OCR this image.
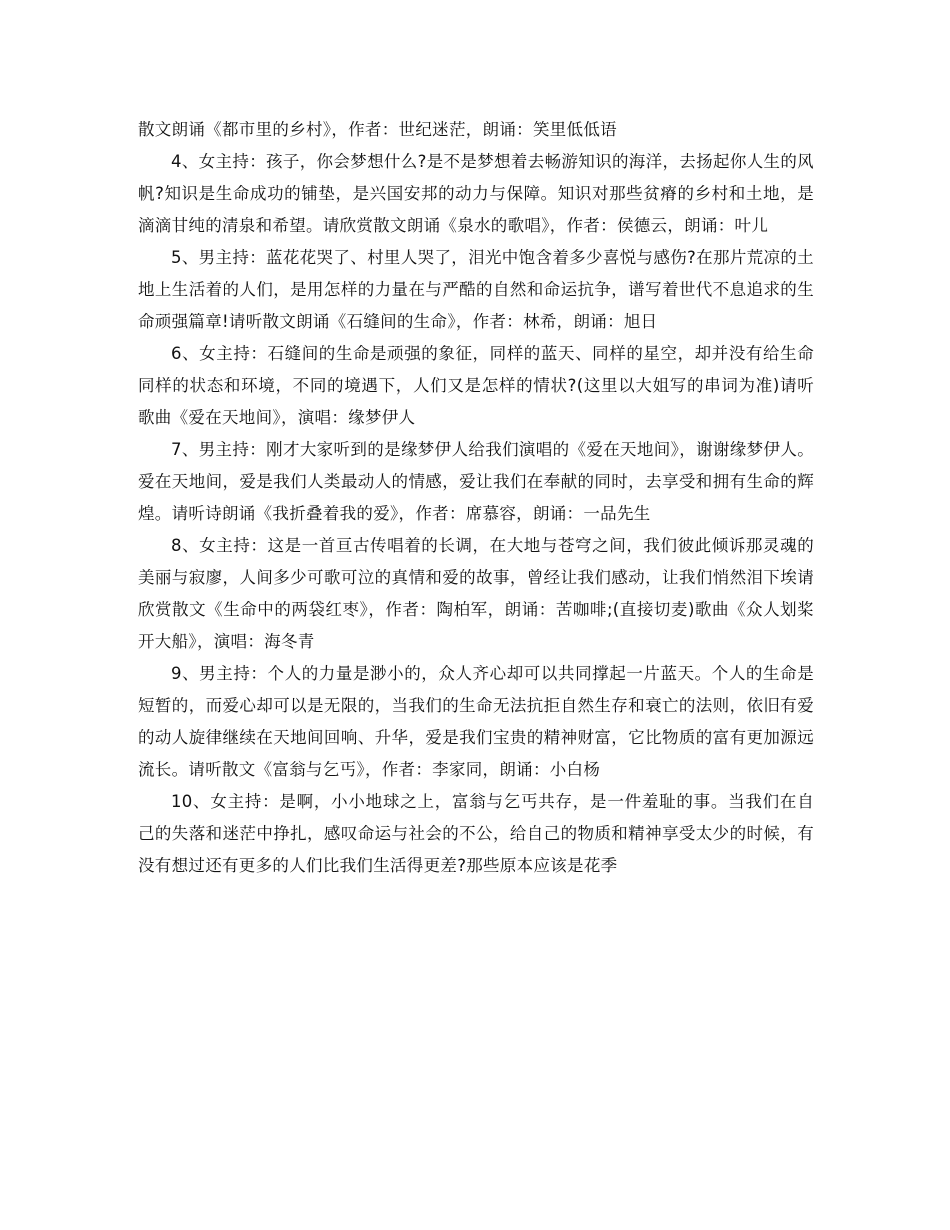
散文朗诵《都市里的乡村》，作者：世纪迷茫，朗诵：笑里低低语

4、女主持：孩子，你会梦想什么?是不是梦想着去畅游知识的海洋，去扬起你人生的风帆?知识是生命成功的铺垫，是兴国安邦的动力与保障。知识对那些贫瘠的乡村和土地，是滴滴甘纯的清泉和希望。请欣赏散文朗诵《泉水的歌唱》，作者：侯德云，朗诵：叶儿

5、男主持：蓝花花哭了、村里人哭了，泪光中饱含着多少喜悦与感伤?在那片荒凉的土地上生活着的人们，是用怎样的力量在与严酷的自然和命运抗争，谱写着世代不息追求的生命顽强篇章!请听散文朗诵《石缝间的生命》，作者：林希，朗诵：旭日

6、女主持：石缝间的生命是顽强的象征，同样的蓝天、同样的星空，却并没有给生命同样的状态和环境，不同的境遇下，人们又是怎样的情状?(这里以大姐写的串词为准)请听歌曲《爱在天地间》，演唱：缘梦伊人

7、男主持：刚才大家听到的是缘梦伊人给我们演唱的《爱在天地间》，谢谢缘梦伊人。爱在天地间，爱是我们人类最动人的情感，爱让我们在奉献的同时，去享受和拥有生命的辉煌。请听诗朗诵《我折叠着我的爱》，作者：席慕容，朗诵：一品先生

8、女主持：这是一首亘古传唱着的长调，在大地与苍穹之间，我们彼此倾诉那灵魂的美丽与寂廖，人间多少可歌可泣的真情和爱的故事，曾经让我们感动，让我们悄然泪下埃请欣赏散文《生命中的两袋红枣》，作者：陶柏军，朗诵：苦咖啡;(直接切麦)歌曲《众人划桨开大船》，演唱：海冬青

9、男主持：个人的力量是渺小的，众人齐心却可以共同撑起一片蓝天。个人的生命是短暂的，而爱心却可以是无限的，当我们的生命无法抗拒自然生存和衰亡的法则，依旧有爱的动人旋律继续在天地间回响、升华，爱是我们宝贵的精神财富，它比物质的富有更加源远流长。请听散文《富翁与乞丐》，作者：李家同，朗诵：小白杨

10、女主持：是啊，小小地球之上，富翁与乞丐共存，是一件羞耻的事。当我们在自己的失落和迷茫中挣扎，感叹命运与社会的不公，给自己的物质和精神享受太少的时候，有没有想过还有更多的人们比我们生活得更差?那些原本应该是花季
